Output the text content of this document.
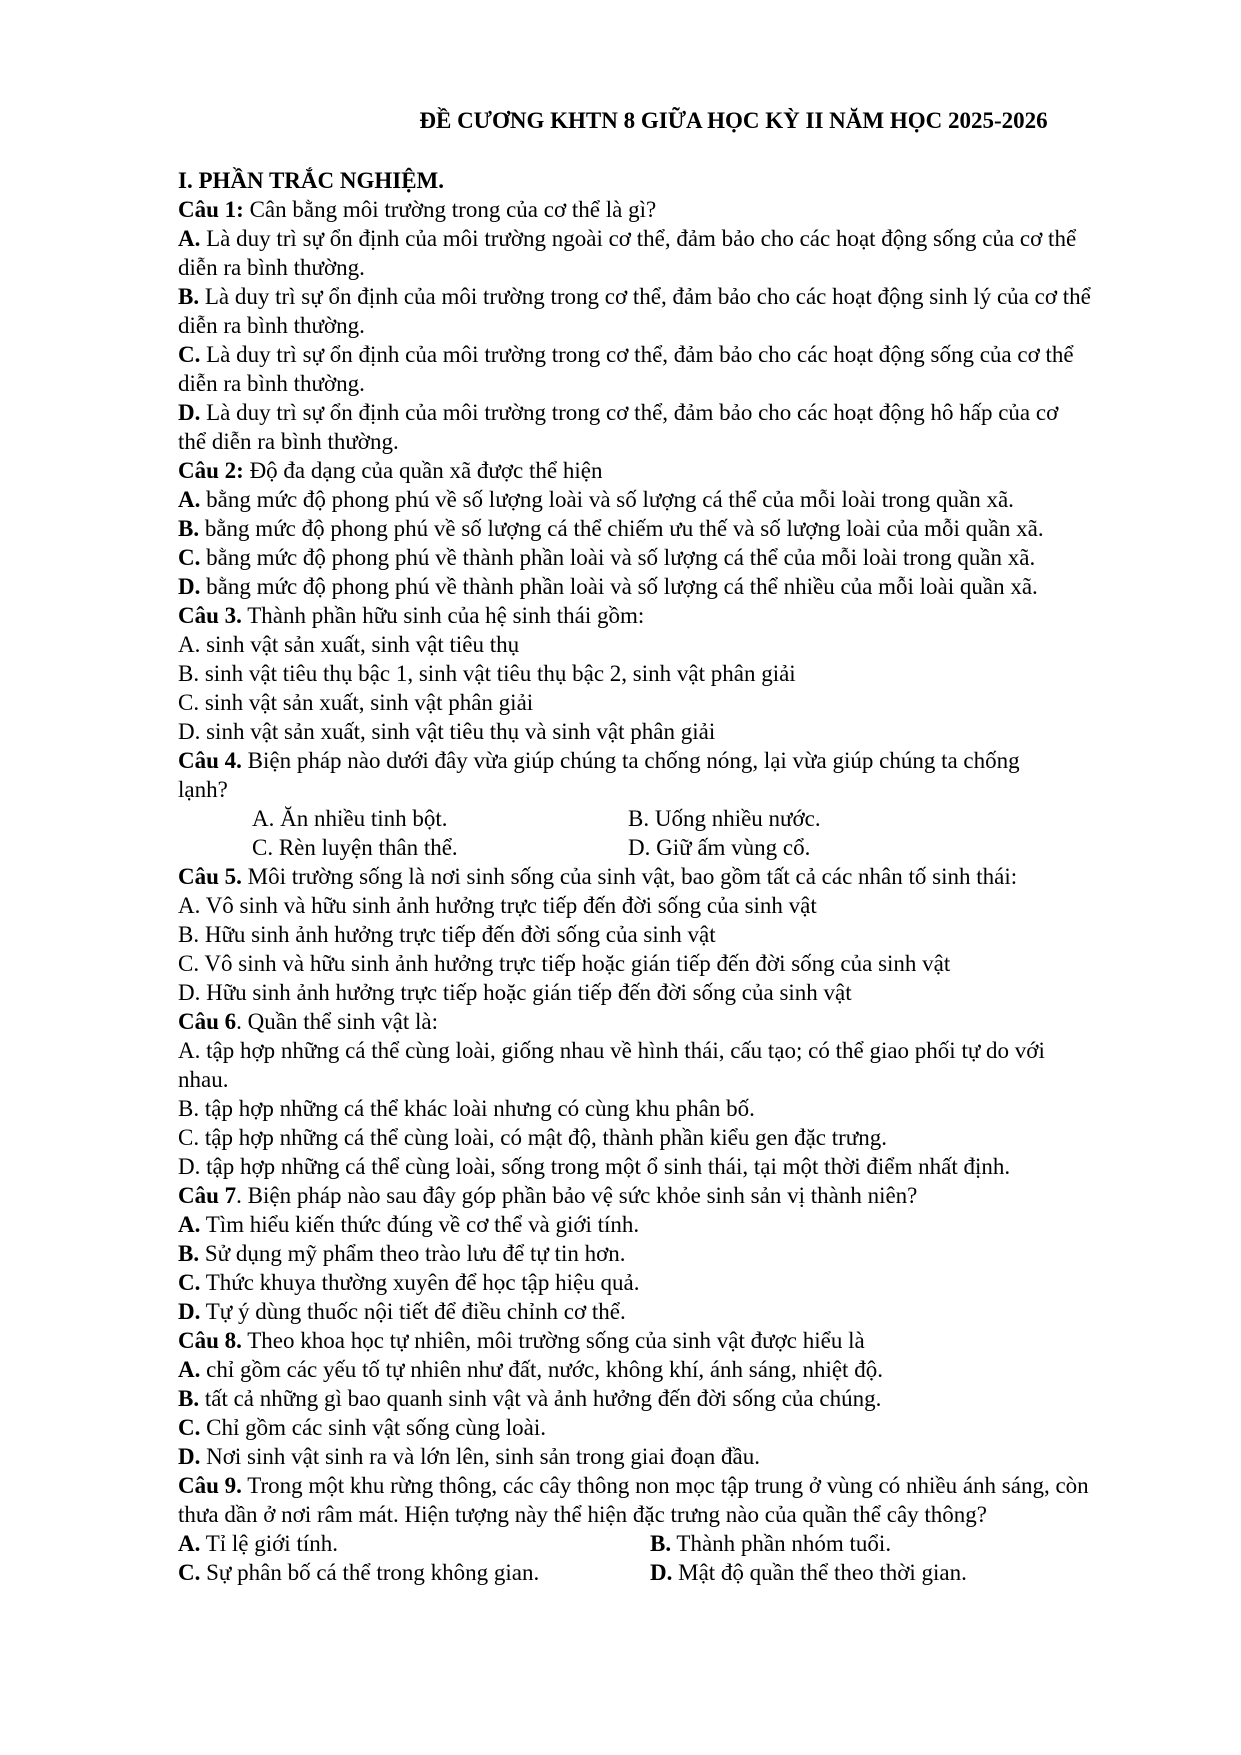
ĐỀ CƯƠNG KHTN 8 GIỮA HỌC KỲ II NĂM HỌC 2025-2026

I. PHẦN TRẮC NGHIỆM.

Câu 1: Cân bằng môi trường trong của cơ thể là gì?

A. Là duy trì sự ổn định của môi trường ngoài cơ thể, đảm bảo cho các hoạt động sống của cơ thể

diễn ra bình thường.

B. Là duy trì sự ổn định của môi trường trong cơ thể, đảm bảo cho các hoạt động sinh lý của cơ thể

diễn ra bình thường.

C. Là duy trì sự ổn định của môi trường trong cơ thể, đảm bảo cho các hoạt động sống của cơ thể

diễn ra bình thường.

D. Là duy trì sự ổn định của môi trường trong cơ thể, đảm bảo cho các hoạt động hô hấp của cơ

thể diễn ra bình thường.

Câu 2: Độ đa dạng của quần xã được thể hiện

A. bằng mức độ phong phú về số lượng loài và số lượng cá thể của mỗi loài trong quần xã.

B. bằng mức độ phong phú về số lượng cá thể chiếm ưu thế và số lượng loài của mỗi quần xã.

C. bằng mức độ phong phú về thành phần loài và số lượng cá thể của mỗi loài trong quần xã.

D. bằng mức độ phong phú về thành phần loài và số lượng cá thể nhiều của mỗi loài quần xã.

Câu 3. Thành phần hữu sinh của hệ sinh thái gồm:

A. sinh vật sản xuất, sinh vật tiêu thụ

B. sinh vật tiêu thụ bậc 1, sinh vật tiêu thụ bậc 2, sinh vật phân giải

C. sinh vật sản xuất, sinh vật phân giải

D. sinh vật sản xuất, sinh vật tiêu thụ và sinh vật phân giải

Câu 4. Biện pháp nào dưới đây vừa giúp chúng ta chống nóng, lại vừa giúp chúng ta chống

lạnh?

A. Ăn nhiều tinh bột.	B. Uống nhiều nước.
C. Rèn luyện thân thể.	D. Giữ ấm vùng cổ.

Câu 5. Môi trường sống là nơi sinh sống của sinh vật, bao gồm tất cả các nhân tố sinh thái:

A. Vô sinh và hữu sinh ảnh hưởng trực tiếp đến đời sống của sinh vật

B. Hữu sinh ảnh hưởng trực tiếp đến đời sống của sinh vật

C. Vô sinh và hữu sinh ảnh hưởng trực tiếp hoặc gián tiếp đến đời sống của sinh vật

D. Hữu sinh ảnh hưởng trực tiếp hoặc gián tiếp đến đời sống của sinh vật

Câu 6. Quần thể sinh vật là:

A. tập hợp những cá thể cùng loài, giống nhau về hình thái, cấu tạo; có thể giao phối tự do với

nhau.

B. tập hợp những cá thể khác loài nhưng có cùng khu phân bố.

C. tập hợp những cá thể cùng loài, có mật độ, thành phần kiểu gen đặc trưng.

D. tập hợp những cá thể cùng loài, sống trong một ổ sinh thái, tại một thời điểm nhất định.

Câu 7. Biện pháp nào sau đây góp phần bảo vệ sức khỏe sinh sản vị thành niên?

A. Tìm hiểu kiến thức đúng về cơ thể và giới tính.

B. Sử dụng mỹ phẩm theo trào lưu để tự tin hơn.

C. Thức khuya thường xuyên để học tập hiệu quả.

D. Tự ý dùng thuốc nội tiết để điều chỉnh cơ thể.

Câu 8. Theo khoa học tự nhiên, môi trường sống của sinh vật được hiểu là

A. chỉ gồm các yếu tố tự nhiên như đất, nước, không khí, ánh sáng, nhiệt độ.

B. tất cả những gì bao quanh sinh vật và ảnh hưởng đến đời sống của chúng.

C. Chỉ gồm các sinh vật sống cùng loài.

D. Nơi sinh vật sinh ra và lớn lên, sinh sản trong giai đoạn đầu.

Câu 9. Trong một khu rừng thông, các cây thông non mọc tập trung ở vùng có nhiều ánh sáng, còn

thưa dần ở nơi râm mát. Hiện tượng này thể hiện đặc trưng nào của quần thể cây thông?

A. Tỉ lệ giới tính.	B. Thành phần nhóm tuổi.
C. Sự phân bố cá thể trong không gian.	D. Mật độ quần thể theo thời gian.
